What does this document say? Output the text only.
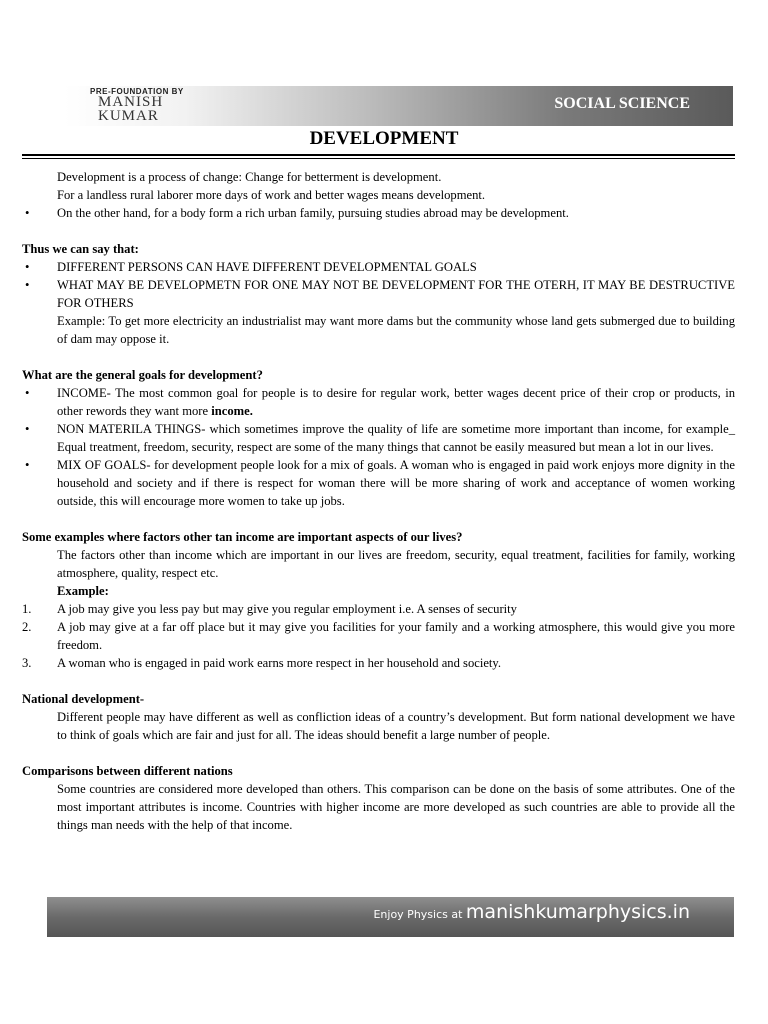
PRE-FOUNDATION BY
MANISH
KUMAR
SOCIAL SCIENCE
DEVELOPMENT
Development is a process of change: Change for betterment is development.
For a landless rural laborer more days of work and better wages means development.
• On the other hand, for a body form a rich urban family, pursuing studies abroad may be development.
Thus we can say that:
• DIFFERENT PERSONS CAN HAVE DIFFERENT DEVELOPMENTAL GOALS
• WHAT MAY BE DEVELOPMETN FOR ONE MAY NOT BE DEVELOPMENT FOR THE OTERH, IT MAY BE DESTRUCTIVE FOR OTHERS
Example: To get more electricity an industrialist may want more dams but the community whose land gets submerged due to building of dam may oppose it.
What are the general goals for development?
• INCOME- The most common goal for people is to desire for regular work, better wages decent price of their crop or products, in other rewords they want more income.
• NON MATERILA THINGS- which sometimes improve the quality of life are sometime more important than income, for example_ Equal treatment, freedom, security, respect are some of the many things that cannot be easily measured but mean a lot in our lives.
• MIX OF GOALS- for development people look for a mix of goals. A woman who is engaged in paid work enjoys more dignity in the household and society and if there is respect for woman there will be more sharing of work and acceptance of women working outside, this will encourage more women to take up jobs.
Some examples where factors other tan income are important aspects of our lives?
The factors other than income which are important in our lives are freedom, security, equal treatment, facilities for family, working atmosphere, quality, respect etc.
Example:
1. A job may give you less pay but may give you regular employment i.e. A senses of security
2. A job may give at a far off place but it may give you facilities for your family and a working atmosphere, this would give you more freedom.
3. A woman who is engaged in paid work earns more respect in her household and society.
National development-
Different people may have different as well as confliction ideas of a country’s development. But form national development we have to think of goals which are fair and just for all. The ideas should benefit a large number of people.
Comparisons between different nations
Some countries are considered more developed than others. This comparison can be done on the basis of some attributes. One of the most important attributes is income. Countries with higher income are more developed as such countries are able to provide all the things man needs with the help of that income.
Enjoy Physics at manishkumarphysics.in
